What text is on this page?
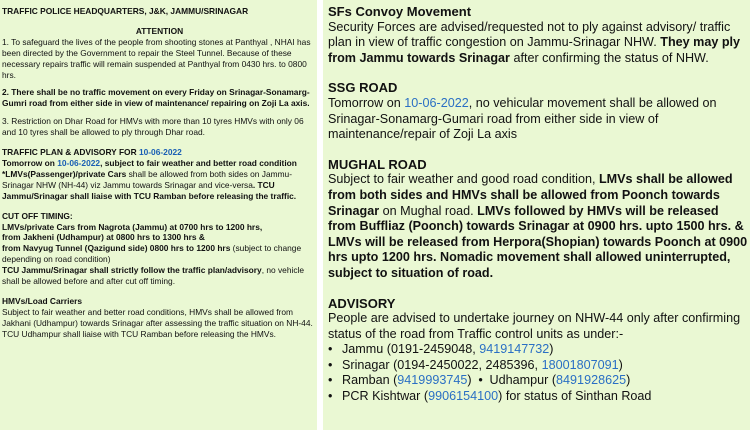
TRAFFIC POLICE HEADQUARTERS, J&K, JAMMU/SRINAGAR

ATTENTION

1. To safeguard the lives of the people from shooting stones at Panthyal , NHAI has been directed by the Government to repair the Steel Tunnel. Because of these necessary repairs traffic will remain suspended at Panthyal from 0430 hrs. to 0800 hrs.

2. There shall be no traffic movement on every Friday on Srinagar-Sonamarg-Gumri road from either side in view of maintenance/ repairing on Zoji La axis.

3. Restriction on Dhar Road for HMVs with more than 10 tyres HMVs with only 06 and 10 tyres shall be allowed to ply through Dhar road.

TRAFFIC PLAN & ADVISORY FOR 10-06-2022

Tomorrow on 10-06-2022, subject to fair weather and better road condition *LMVs(Passenger)/private Cars shall be allowed from both sides on Jammu-Srinagar NHW (NH-44) viz Jammu towards Srinagar and vice-versa. TCU Jammu/Srinagar shall liaise with TCU Ramban before releasing the traffic.

CUT OFF TIMING:

LMVs/private Cars from Nagrota (Jammu) at 0700 hrs to 1200 hrs,

from Jakheni (Udhampur) at 0800 hrs to 1300 hrs &

from Navyug Tunnel (Qazigund side) 0800 hrs to 1200 hrs (subject to change depending on road condition)

TCU Jammu/Srinagar shall strictly follow the traffic plan/advisory, no vehicle shall be allowed before and after cut off timing.

HMVs/Load Carriers

Subject to fair weather and better road conditions, HMVs shall be allowed from Jakhani (Udhampur) towards Srinagar after assessing the traffic situation on NH-44. TCU Udhampur shall liaise with TCU Ramban before releasing the HMVs.

SFs Convoy Movement

Security Forces are advised/requested not to ply against advisory/ traffic plan in view of traffic congestion on Jammu-Srinagar NHW. They may ply from Jammu towards Srinagar after confirming the status of NHW.

SSG ROAD

Tomorrow on 10-06-2022, no vehicular movement shall be allowed on Srinagar-Sonamarg-Gumari road from either side in view of maintenance/repair of Zoji La axis

MUGHAL ROAD

Subject to fair weather and good road condition, LMVs shall be allowed from both sides and HMVs shall be allowed from Poonch towards Srinagar on Mughal road. LMVs followed by HMVs will be released from Buffliaz (Poonch) towards Srinagar at 0900 hrs. upto 1500 hrs. & LMVs will be released from Herpora(Shopian) towards Poonch at 0900 hrs upto 1200 hrs. Nomadic movement shall allowed uninterrupted, subject to situation of road.

ADVISORY

People are advised to undertake journey on NHW-44 only after confirming status of the road from Traffic control units as under:-

• Jammu (0191-2459048, 9419147732)
• Srinagar (0194-2450022, 2485396, 18001807091)
• Ramban (9419993745) • Udhampur (8491928625)
• PCR Kishtwar (9906154100) for status of Sinthan Road
